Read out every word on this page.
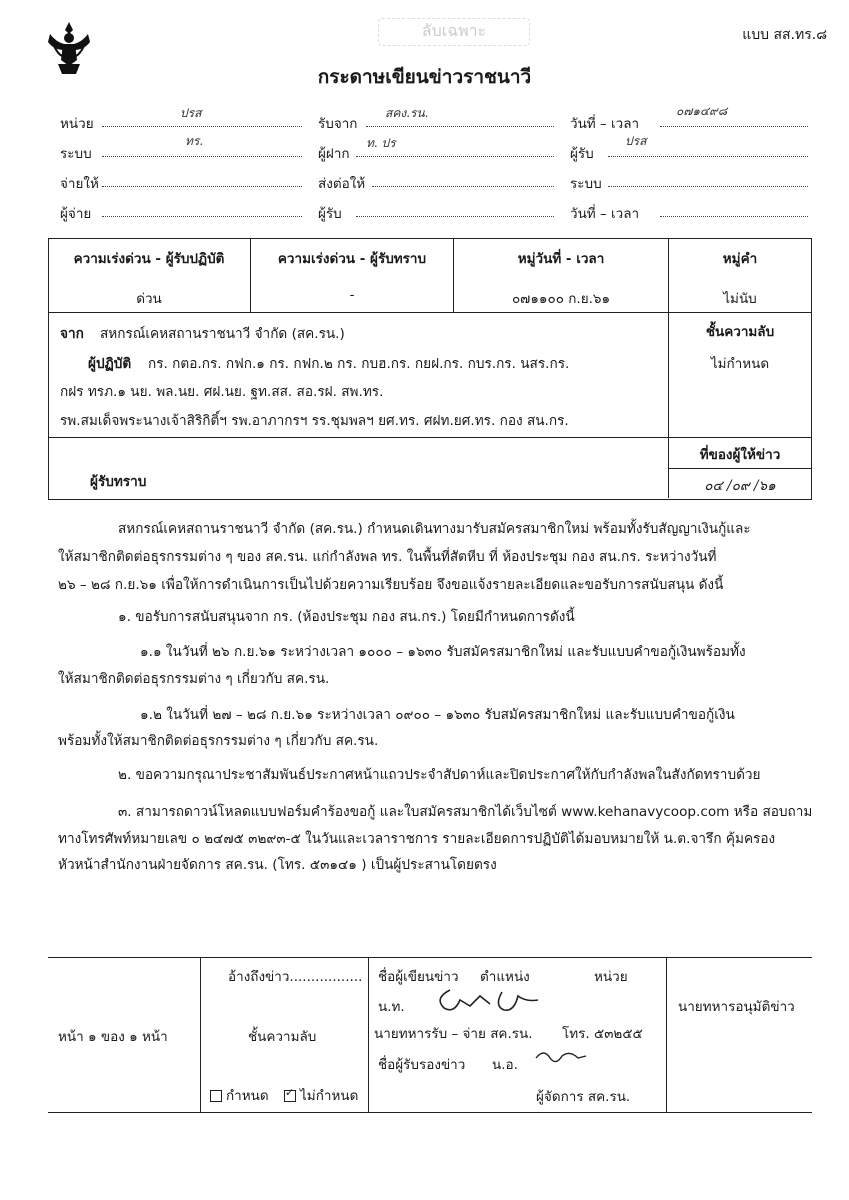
ลับเฉพาะ	แบบ สส.ทร.๘
กระดาษเขียนข่าวราชนาวี
หน่วย
ปรส
รับจาก
สคง.รน.
วันที่ – เวลา
๐๗๑๔๙๘
ระบบ
ทร.
ผู้ฝาก
ท. ปร
ผู้รับ
ปรส
จ่ายให้	ส่งต่อให้	ระบบ
ผู้จ่าย	ผู้รับ	วันที่ – เวลา
ความเร่งด่วน - ผู้รับปฏิบัติ	ความเร่งด่วน - ผู้รับทราบ	หมู่วันที่ - เวลา	หมู่คำ
ด่วน	-	๐๗๑๑๐๐ ก.ย.๖๑	ไม่นับ
จาก สหกรณ์เคหสถานราชนาวี จำกัด (สค.รน.)	ชั้นความลับ
ไม่กำหนด
ผู้ปฏิบัติ กร. กตอ.กร. กฟก.๑ กร. กฟก.๒ กร. กบฮ.กร. กยฝ.กร. กบร.กร. นสร.กร.
กฝร ทรภ.๑ นย. พล.นย. ศฝ.นย. ฐท.สส. สอ.รฝ. สพ.ทร.
รพ.สมเด็จพระนางเจ้าสิริกิติ์ฯ รพ.อาภากรฯ รร.ชุมพลฯ ยศ.ทร. ศฝท.ยศ.ทร. กอง สน.กร.
ที่ของผู้ให้ข่าว
๐๔ /๐๙ /๖๑
ผู้รับทราบ
สหกรณ์เคหสถานราชนาวี จำกัด (สค.รน.) กำหนดเดินทางมารับสมัครสมาชิกใหม่ พร้อมทั้งรับสัญญาเงินกู้และ
ให้สมาชิกติดต่อธุรกรรมต่าง ๆ ของ สค.รน. แก่กำลังพล ทร. ในพื้นที่สัตหีบ ที่ ห้องประชุม กอง สน.กร. ระหว่างวันที่
๒๖ – ๒๘ ก.ย.๖๑ เพื่อให้การดำเนินการเป็นไปด้วยความเรียบร้อย จึงขอแจ้งรายละเอียดและขอรับการสนับสนุน ดังนี้
๑. ขอรับการสนับสนุนจาก กร. (ห้องประชุม กอง สน.กร.) โดยมีกำหนดการดังนี้
๑.๑ ในวันที่ ๒๖ ก.ย.๖๑ ระหว่างเวลา ๑๐๐๐ – ๑๖๓๐ รับสมัครสมาชิกใหม่ และรับแบบคำขอกู้เงินพร้อมทั้ง
ให้สมาชิกติดต่อธุรกรรมต่าง ๆ เกี่ยวกับ สค.รน.
๑.๒ ในวันที่ ๒๗ – ๒๘ ก.ย.๖๑ ระหว่างเวลา ๐๙๐๐ – ๑๖๓๐ รับสมัครสมาชิกใหม่ และรับแบบคำขอกู้เงิน
พร้อมทั้งให้สมาชิกติดต่อธุรกรรมต่าง ๆ เกี่ยวกับ สค.รน.
๒. ขอความกรุณาประชาสัมพันธ์ประกาศหน้าแถวประจำสัปดาห์และปิดประกาศให้กับกำลังพลในสังกัดทราบด้วย
๓. สามารถดาวน์โหลดแบบฟอร์มคำร้องขอกู้ และใบสมัครสมาชิกได้เว็บไซต์ www.kehanavycoop.com หรือ สอบถาม
ทางโทรศัพท์หมายเลข ๐ ๒๔๗๕ ๓๒๙๓-๕ ในวันและเวลาราชการ รายละเอียดการปฏิบัติได้มอบหมายให้ น.ต.จารึก คุ้มครอง
หัวหน้าสำนักงานฝ่ายจัดการ สค.รน. (โทร. ๕๓๑๔๑ ) เป็นผู้ประสานโดยตรง
หน้า ๑ ของ ๑ หน้า
อ้างถึงข่าว.................
ชั้นความลับ
กำหนด
✓	ไม่กำหนด
ชื่อผู้เขียนข่าว ตำแหน่ง	หน่วย
น.ท.
นายทหารรับ – จ่าย สค.รน. โทร. ๕๓๒๕๕
ชื่อผู้รับรองข่าว น.อ.
ผู้จัดการ สค.รน.
นายทหารอนุมัติข่าว
